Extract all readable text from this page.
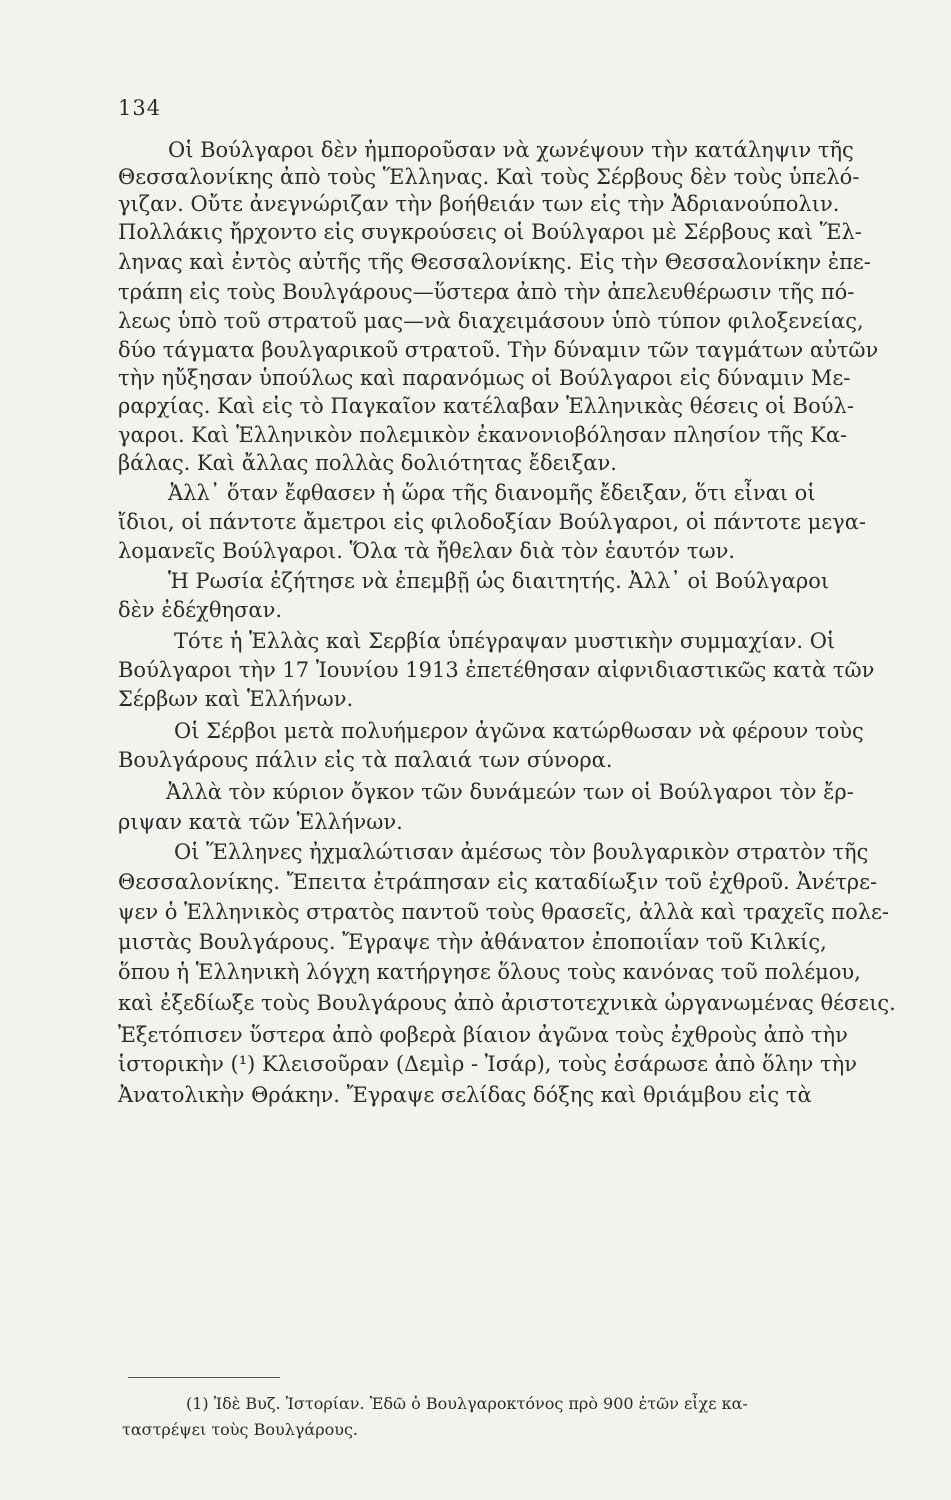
134
Οἱ Βούλγαροι δὲν ἠμποροῦσαν νὰ χωνέψουν τὴν κατάληψιν τῆς
Θεσσαλονίκης ἀπὸ τοὺς Ἕλληνας. Καὶ τοὺς Σέρβους δὲν τοὺς ὑπελό-
γιζαν. Οὔτε ἀνεγνώριζαν τὴν βοήθειάν των εἰς τὴν Ἀδριανούπολιν.
Πολλάκις ἤρχοντο εἰς συγκρούσεις οἱ Βούλγαροι μὲ Σέρβους καὶ Ἕλ-
ληνας καὶ ἐντὸς αὐτῆς τῆς Θεσσαλονίκης. Εἰς τὴν Θεσσαλονίκην ἐπε-
τράπη εἰς τοὺς Βουλγάρους—ὕστερα ἀπὸ τὴν ἀπελευθέρωσιν τῆς πό-
λεως ὑπὸ τοῦ στρατοῦ μας—νὰ διαχειμάσουν ὑπὸ τύπον φιλοξενείας,
δύο τάγματα βουλγαρικοῦ στρατοῦ. Τὴν δύναμιν τῶν ταγμάτων αὐτῶν
τὴν ηὔξησαν ὑπούλως καὶ παρανόμως οἱ Βούλγαροι εἰς δύναμιν Με-
ραρχίας. Καὶ εἰς τὸ Παγκαῖον κατέλαβαν Ἑλληνικὰς θέσεις οἱ Βούλ-
γαροι. Καὶ Ἑλληνικὸν πολεμικὸν ἐκανονιοβόλησαν πλησίον τῆς Κα-
βάλας. Καὶ ἄλλας πολλὰς δολιότητας ἔδειξαν.
Ἀλλ᾽ ὅταν ἔφθασεν ἡ ὥρα τῆς διανομῆς ἔδειξαν, ὅτι εἶναι οἱ
ἴδιοι, οἱ πάντοτε ἄμετροι εἰς φιλοδοξίαν Βούλγαροι, οἱ πάντοτε μεγα-
λομανεῖς Βούλγαροι. Ὅλα τὰ ἤθελαν διὰ τὸν ἑαυτόν των.
Ἡ Ρωσία ἐζήτησε νὰ ἐπεμβῇ ὡς διαιτητής. Ἀλλ᾽ οἱ Βούλγαροι
δὲν ἐδέχθησαν.
Τότε ἡ Ἑλλὰς καὶ Σερβία ὑπέγραψαν μυστικὴν συμμαχίαν. Οἱ
Βούλγαροι τὴν 17 Ἰουνίου 1913 ἐπετέθησαν αἰφνιδιαστικῶς κατὰ τῶν
Σέρβων καὶ Ἑλλήνων.
Οἱ Σέρβοι μετὰ πολυήμερον ἀγῶνα κατώρθωσαν νὰ φέρουν τοὺς
Βουλγάρους πάλιν εἰς τὰ παλαιά των σύνορα.
Ἀλλὰ τὸν κύριον ὄγκον τῶν δυνάμεών των οἱ Βούλγαροι τὸν ἔρ-
ριψαν κατὰ τῶν Ἑλλήνων.
Οἱ Ἕλληνες ἠχμαλώτισαν ἀμέσως τὸν βουλγαρικὸν στρατὸν τῆς
Θεσσαλονίκης. Ἔπειτα ἐτράπησαν εἰς καταδίωξιν τοῦ ἐχθροῦ. Ἀνέτρε-
ψεν ὁ Ἑλληνικὸς στρατὸς παντοῦ τοὺς θρασεῖς, ἀλλὰ καὶ τραχεῖς πολε-
μιστὰς Βουλγάρους. Ἔγραψε τὴν ἀθάνατον ἐποποιΐαν τοῦ Κιλκίς,
ὅπου ἡ Ἑλληνικὴ λόγχη κατήργησε ὅλους τοὺς κανόνας τοῦ πολέμου,
καὶ ἐξεδίωξε τοὺς Βουλγάρους ἀπὸ ἀριστοτεχνικὰ ὠργανωμένας θέσεις.
Ἐξετόπισεν ὕστερα ἀπὸ φοβερὰ βίαιον ἀγῶνα τοὺς ἐχθροὺς ἀπὸ τὴν
ἱστορικὴν (¹) Κλεισοῦραν (Δεμὶρ - Ἰσάρ), τοὺς ἐσάρωσε ἀπὸ ὅλην τὴν
Ἀνατολικὴν Θράκην. Ἔγραψε σελίδας δόξης καὶ θριάμβου εἰς τὰ
(1) Ἰδὲ Βυζ. Ἱστορίαν. Ἐδῶ ὁ Βουλγαροκτόνος πρὸ 900 ἐτῶν εἶχε κα-
ταστρέψει τοὺς Βουλγάρους.
